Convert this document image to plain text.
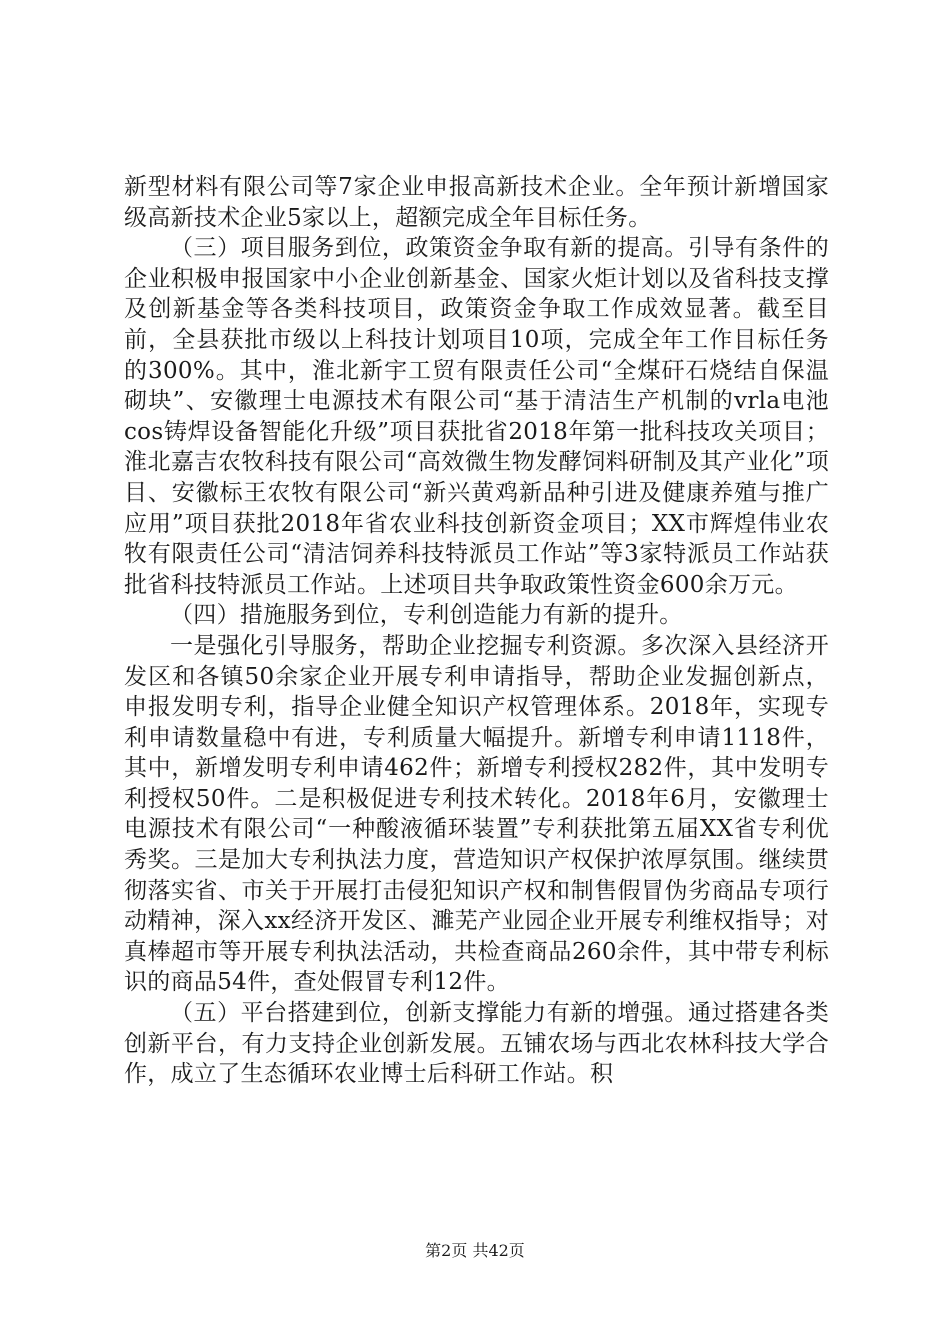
新型材料有限公司等7家企业申报高新技术企业。全年预计新增国家级高新技术企业5家以上，超额完成全年目标任务。

（三）项目服务到位，政策资金争取有新的提高。引导有条件的企业积极申报国家中小企业创新基金、国家火炬计划以及省科技支撑及创新基金等各类科技项目，政策资金争取工作成效显著。截至目前，全县获批市级以上科技计划项目10项，完成全年工作目标任务的300%。其中，淮北新宇工贸有限责任公司“全煤矸石烧结自保温砌块”、安徽理士电源技术有限公司“基于清洁生产机制的vrla电池cos铸焊设备智能化升级”项目获批省2018年第一批科技攻关项目；淮北嘉吉农牧科技有限公司“高效微生物发酵饲料研制及其产业化”项目、安徽标王农牧有限公司“新兴黄鸡新品种引进及健康养殖与推广应用”项目获批2018年省农业科技创新资金项目；XX市辉煌伟业农牧有限责任公司“清洁饲养科技特派员工作站”等3家特派员工作站获批省科技特派员工作站。上述项目共争取政策性资金600余万元。

（四）措施服务到位，专利创造能力有新的提升。

一是强化引导服务，帮助企业挖掘专利资源。多次深入县经济开发区和各镇50余家企业开展专利申请指导，帮助企业发掘创新点，申报发明专利，指导企业健全知识产权管理体系。2018年，实现专利申请数量稳中有进，专利质量大幅提升。新增专利申请1118件，其中，新增发明专利申请462件；新增专利授权282件，其中发明专利授权50件。二是积极促进专利技术转化。2018年6月，安徽理士电源技术有限公司“一种酸液循环装置”专利获批第五届XX省专利优秀奖。三是加大专利执法力度，营造知识产权保护浓厚氛围。继续贯彻落实省、市关于开展打击侵犯知识产权和制售假冒伪劣商品专项行动精神，深入xx经济开发区、濉芜产业园企业开展专利维权指导；对真棒超市等开展专利执法活动，共检查商品260余件，其中带专利标识的商品54件，查处假冒专利12件。

（五）平台搭建到位，创新支撑能力有新的增强。通过搭建各类创新平台，有力支持企业创新发展。五铺农场与西北农林科技大学合作，成立了生态循环农业博士后科研工作站。积

第2页 共42页
